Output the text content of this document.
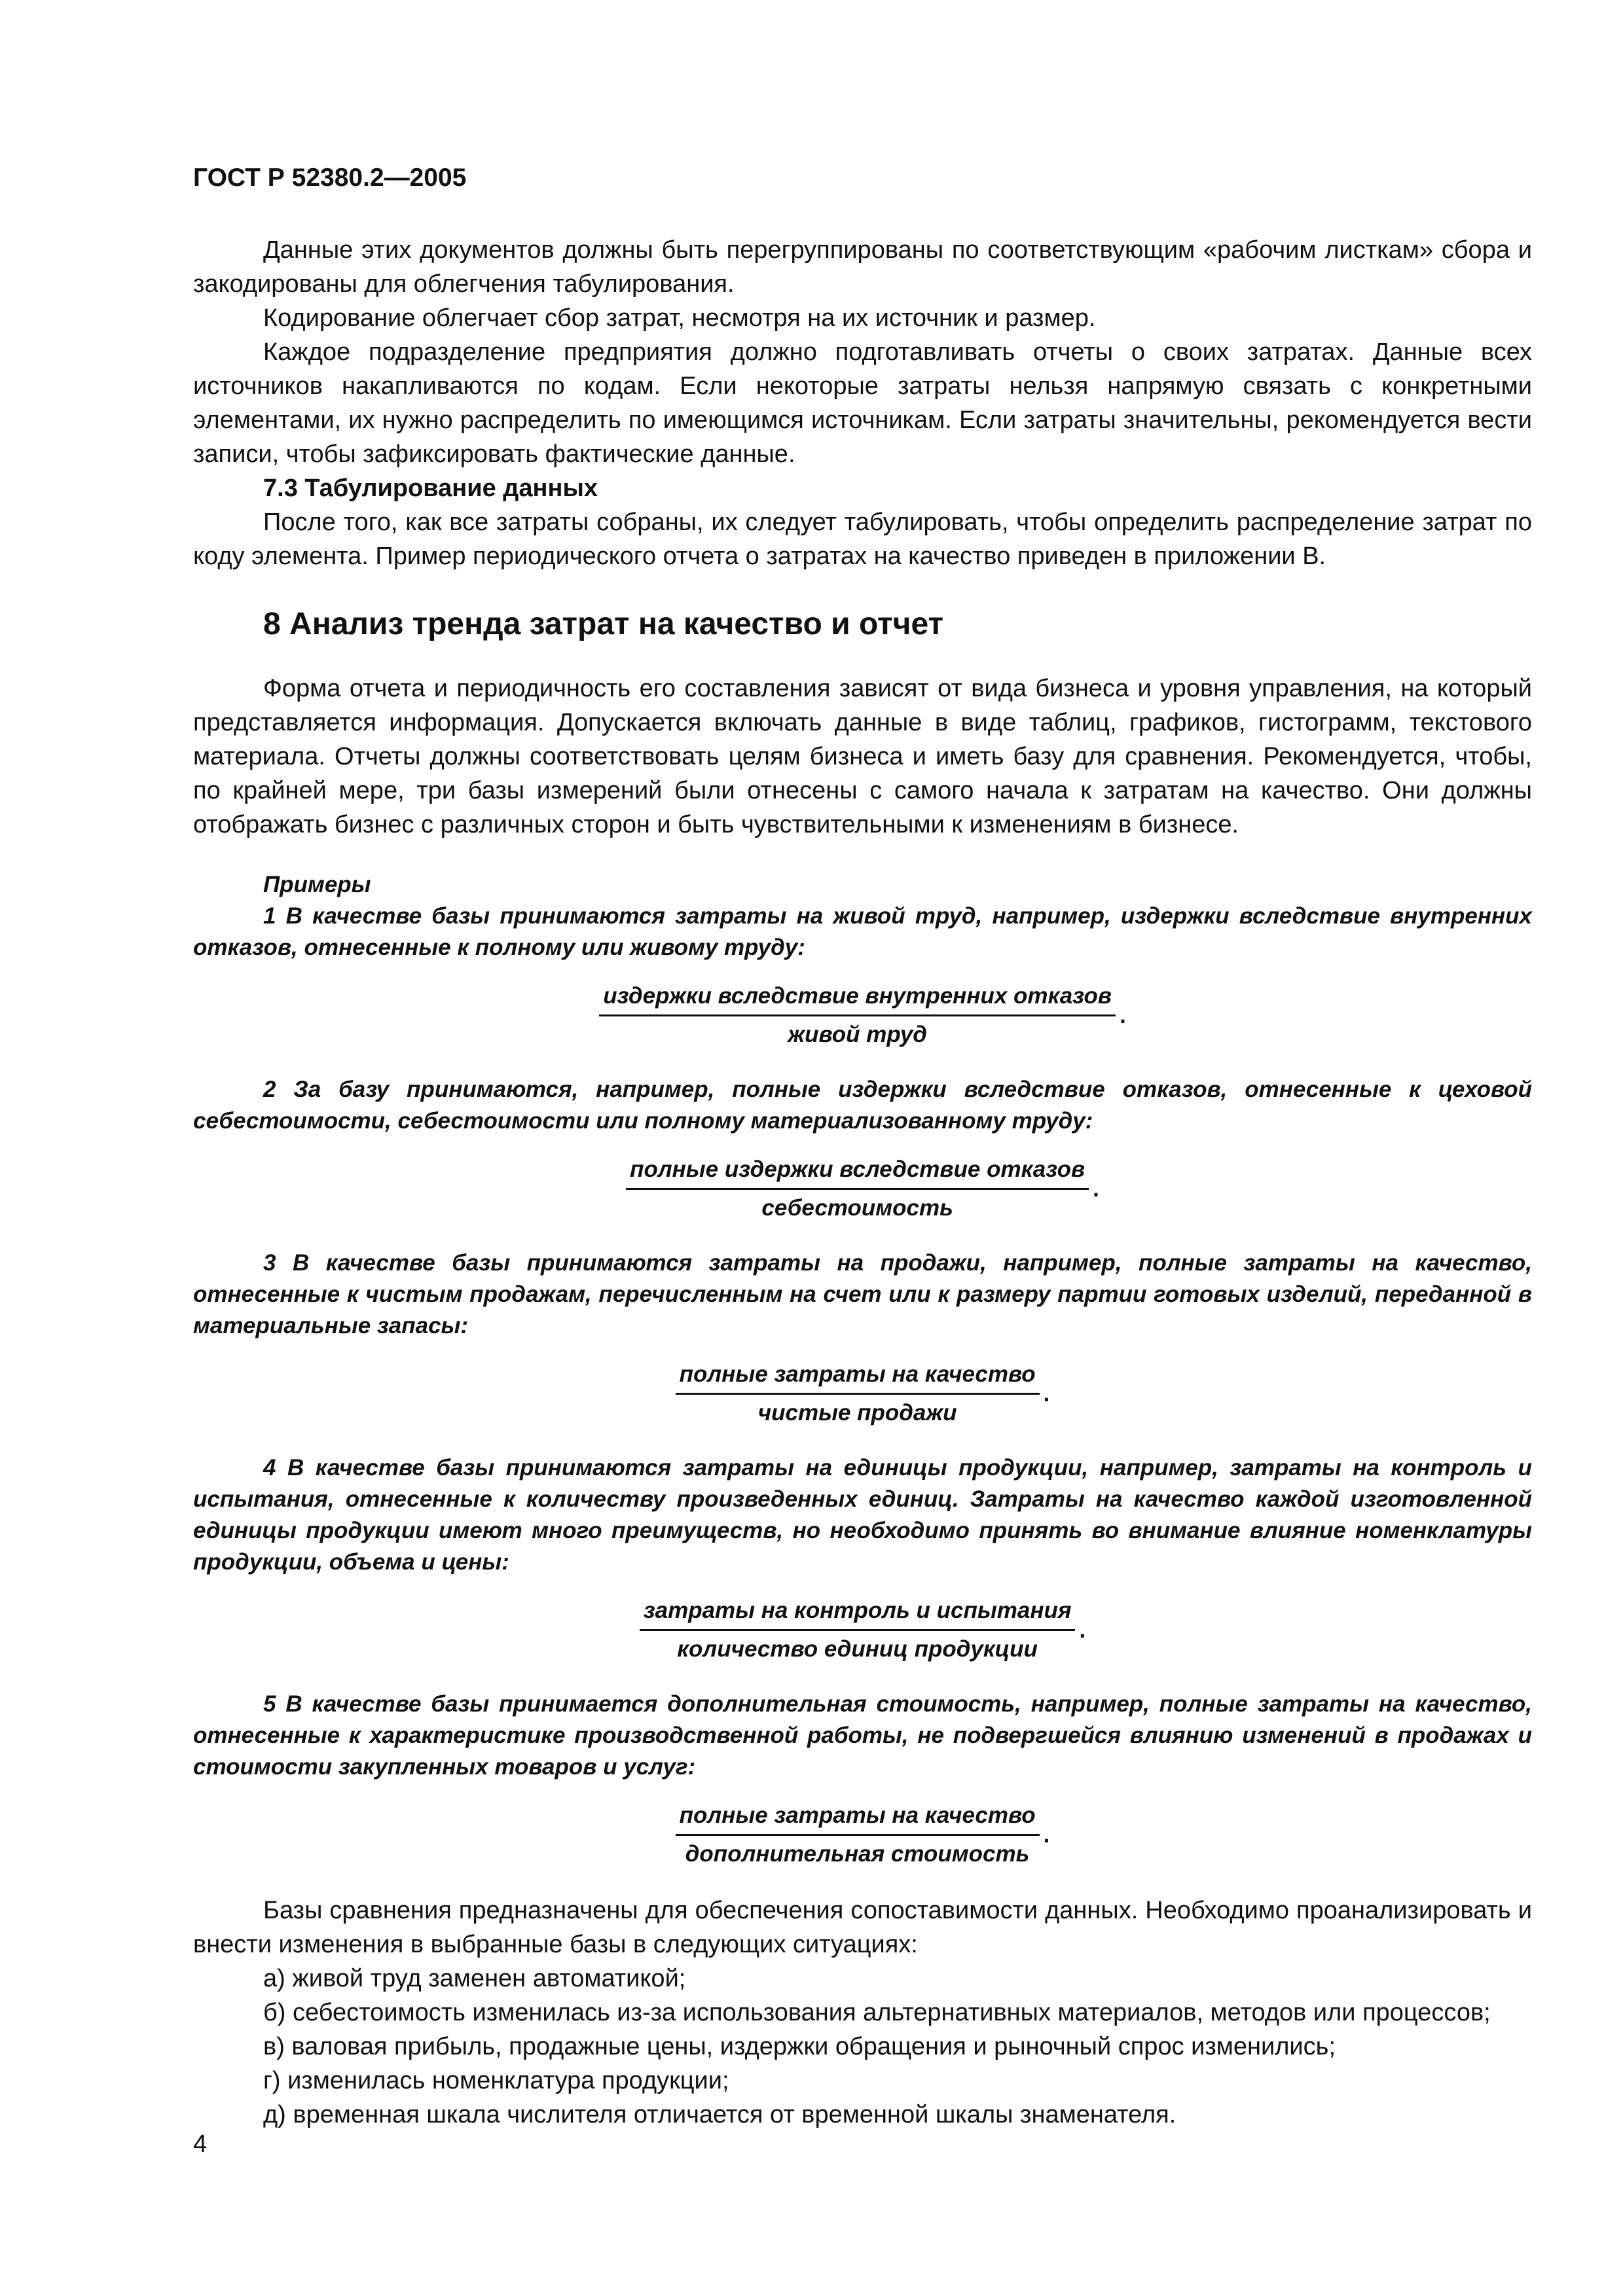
ГОСТ Р 52380.2—2005

Данные этих документов должны быть перегруппированы по соответствующим «рабочим листкам» сбора и закодированы для облегчения табулирования.

Кодирование облегчает сбор затрат, несмотря на их источник и размер.

Каждое подразделение предприятия должно подготавливать отчеты о своих затратах. Данные всех источников накапливаются по кодам. Если некоторые затраты нельзя напрямую связать с конкретными элементами, их нужно распределить по имеющимся источникам. Если затраты значительны, рекомендуется вести записи, чтобы зафиксировать фактические данные.

7.3 Табулирование данных

После того, как все затраты собраны, их следует табулировать, чтобы определить распределение затрат по коду элемента. Пример периодического отчета о затратах на качество приведен в приложении В.

8 Анализ тренда затрат на качество и отчет

Форма отчета и периодичность его составления зависят от вида бизнеса и уровня управления, на который представляется информация. Допускается включать данные в виде таблиц, графиков, гистограмм, текстового материала. Отчеты должны соответствовать целям бизнеса и иметь базу для сравнения. Рекомендуется, чтобы, по крайней мере, три базы измерений были отнесены с самого начала к затратам на качество. Они должны отображать бизнес с различных сторон и быть чувствительными к изменениям в бизнесе.

Примеры

1 В качестве базы принимаются затраты на живой труд, например, издержки вследствие внутренних отказов, отнесенные к полному или живому труду:

$\frac{\text{издержки вследствие внутренних отказов}}{\text{живой труд}}$ .

2 За базу принимаются, например, полные издержки вследствие отказов, отнесенные к цеховой себестоимости, себестоимости или полному материализованному труду:

$\frac{\text{полные издержки вследствие отказов}}{\text{себестоимость}}$ .

3 В качестве базы принимаются затраты на продажи, например, полные затраты на качество, отнесенные к чистым продажам, перечисленным на счет или к размеру партии готовых изделий, переданной в материальные запасы:

$\frac{\text{полные затраты на качество}}{\text{чистые продажи}}$ .

4 В качестве базы принимаются затраты на единицы продукции, например, затраты на контроль и испытания, отнесенные к количеству произведенных единиц. Затраты на качество каждой изготовленной единицы продукции имеют много преимуществ, но необходимо принять во внимание влияние номенклатуры продукции, объема и цены:

$\frac{\text{затраты на контроль и испытания}}{\text{количество единиц продукции}}$ .

5 В качестве базы принимается дополнительная стоимость, например, полные затраты на качество, отнесенные к характеристике производственной работы, не подвергшейся влиянию изменений в продажах и стоимости закупленных товаров и услуг:

$\frac{\text{полные затраты на качество}}{\text{дополнительная стоимость}}$ .

Базы сравнения предназначены для обеспечения сопоставимости данных. Необходимо проанализировать и внести изменения в выбранные базы в следующих ситуациях:

а) живой труд заменен автоматикой;
б) себестоимость изменилась из-за использования альтернативных материалов, методов или процессов;
в) валовая прибыль, продажные цены, издержки обращения и рыночный спрос изменились;
г) изменилась номенклатура продукции;
д) временная шкала числителя отличается от временной шкалы знаменателя.
4
